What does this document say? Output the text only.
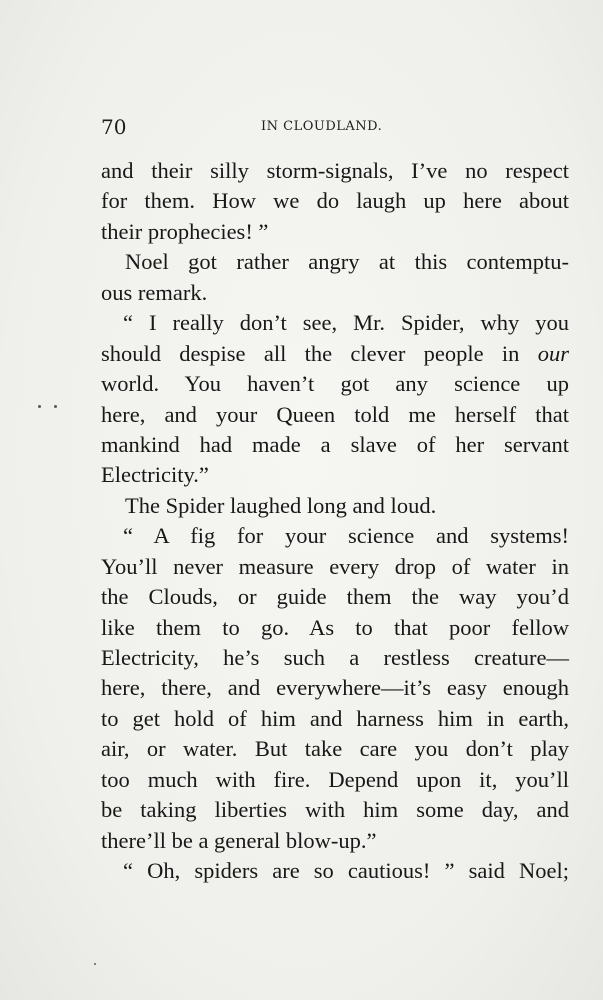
70	IN CLOUDLAND.
and their silly storm-signals, I’ve no respect
for them. How we do laugh up here about
their prophecies! ”
Noel got rather angry at this contemptu-
ous remark.
“ I really don’t see, Mr. Spider, why you
should despise all the clever people in our
world. You haven’t got any science up
here, and your Queen told me herself that
mankind had made a slave of her servant
Electricity.”
The Spider laughed long and loud.
“ A fig for your science and systems!
You’ll never measure every drop of water in
the Clouds, or guide them the way you’d
like them to go. As to that poor fellow
Electricity, he’s such a restless creature—
here, there, and everywhere—it’s easy enough
to get hold of him and harness him in earth,
air, or water. But take care you don’t play
too much with fire. Depend upon it, you’ll
be taking liberties with him some day, and
there’ll be a general blow-up.”
“ Oh, spiders are so cautious! ” said Noel;
